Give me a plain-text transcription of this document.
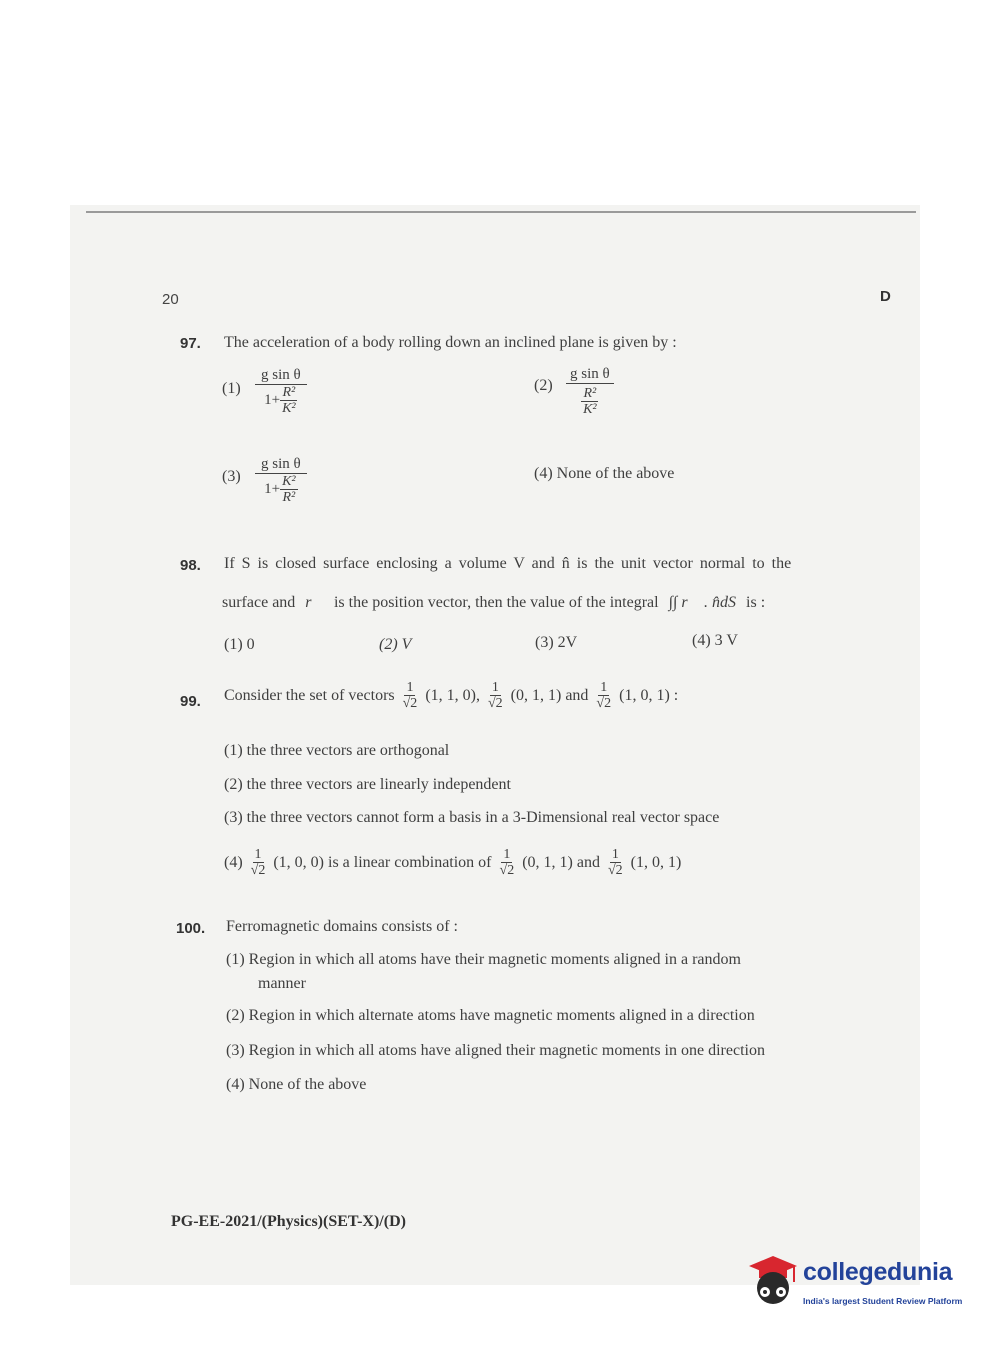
20	D
97. The acceleration of a body rolling down an inclined plane is given by :
$(1) \frac{\text{g sin θ}}{1+ \frac{\text{R²}}{\text{K²}}}$	$(2) \frac{\text{g sin θ}}{\frac{\text{R²}}{\text{K²}}}$
$(3) \frac{\text{g sin θ}}{1+ \frac{\text{K²}}{\text{R²}}}$	(4) None of the above
98. If S is closed surface enclosing a volume V and n̂ is the unit vector normal to the
surface and r⃗ is the position vector, then the value of the integral ∫∫ r⃗ . n̂dS is :
(1) 0	(2) V	(3) 2V	(4) 3 V
99. Consider the set of vectors $\frac{1}{√2} (1$, 1, 0), $\frac{1}{√2} (0$, 1, 1) and $\frac{1}{√2} (1$, 0, 1) :
(1) the three vectors are orthogonal
(2) the three vectors are linearly independent
(3) the three vectors cannot form a basis in a 3-Dimensional real vector space
$(4) \frac{1}{√2} (1$, 0, 0) is a linear combination of $\frac{1}{√2} (0$, 1, 1) and $\frac{1}{√2} (1$, 0, 1)
100. Ferromagnetic domains consists of :
(1) Region in which all atoms have their magnetic moments aligned in a random
manner
(2) Region in which alternate atoms have magnetic moments aligned in a direction
(3) Region in which all atoms have aligned their magnetic moments in one direction
(4) None of the above
PG-EE-2021/(Physics)(SET-X)/(D)
collegedunia
India's largest Student Review Platform
